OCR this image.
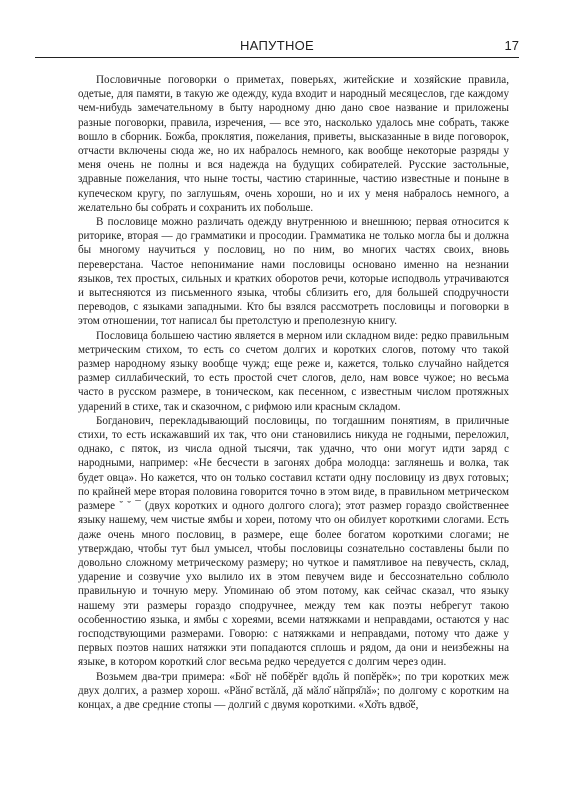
НАПУТНОЕ	17

Пословичные поговорки о приметах, поверьях, житейские и хозяйские правила, одетые, для памяти, в такую же одежду, куда входит и народный месяцеслов, где каждому чем-нибудь замечательному в быту народному дню дано свое название и приложены разные поговорки, правила, изречения, — все это, насколько удалось мне собрать, также вошло в сборник. Божба, проклятия, пожелания, приветы, высказанные в виде поговорок, отчасти включены сюда же, но их набралось немного, как вообще некоторые разряды у меня очень не полны и вся надежда на будущих собирателей. Русские застольные, здравные пожелания, что ныне тосты, частию старинные, частию известные и поныне в купеческом кругу, по заглушьям, очень хороши, но и их у меня набралось немного, а желательно бы собрать и сохранить их побольше.

В пословице можно различать одежду внутреннюю и внешнюю; первая относится к риторике, вторая — до грамматики и просодии. Грамматика не только могла бы и должна бы многому научиться у пословиц, но по ним, во многих частях своих, вновь переверстана. Частое непонимание нами пословицы основано именно на незнании языков, тех простых, сильных и кратких оборотов речи, которые исподволь утрачиваются и вытесняются из письменного языка, чтобы сблизить его, для большей сподручности переводов, с языками западными. Кто бы взялся рассмотреть пословицы и поговорки в этом отношении, тот написал бы претолстую и прeполезную книгу.

Пословица большею частию является в мерном или складном виде: редко правильным метрическим стихом, то есть со счетом долгих и коротких слогов, потому что такой размер народному языку вообще чужд; еще реже и, кажется, только случайно найдется размер силлабический, то есть простой счет слогов, дело, нам вовсе чужое; но весьма часто в русском размере, в тоническом, как песенном, с известным числом протяжных ударений в стихе, так и сказочном, с рифмою или красным складом.

Богданович, перекладывающий пословицы, по тогдашним понятиям, в приличные стихи, то есть искажавший их так, что они становились никуда не годными, переложил, однако, с пяток, из числа одной тысячи, так удачно, что они могут идти заряд с народными, например: «Не бесчести в загонях добра молодца: заглянешь и волка, так будет овца». Но кажется, что он только составил кстати одну пословицу из двух готовых; по крайней мере вторая половина говорится точно в этом виде, в правильном метрическом размере ˘ ˘ ¯ (двух коротких и одного долгого слога); этот размер гораздо свойственнее языку нашему, чем чистые ямбы и хореи, потому что он обилует короткими слогами. Есть даже очень много пословиц, в размере, еще более богатом короткими слогами; не утверждаю, чтобы тут был умысел, чтобы пословицы сознательно составлены были по довольно сложному метрическому размеру; но чуткое и памятливое на певучесть, склад, ударение и созвучие ухо вылило их в этом певучем виде и бессознательно соблюло правильную и точную меру. Упоминаю об этом потому, как сейчас сказал, что языку нашему эти размеры гораздо сподручнее, между тем как поэты небрегут такою особенностию языка, и ямбы с хореями, всеми натяжками и неправдами, остаются у нас господствующими размерами. Говорю: с натяжками и неправдами, потому что даже у первых поэтов наших натяжки эти попадаются сплошь и рядом, да они и неизбежны на языке, в котором короткий слог весьма редко чередуется с долгим через один.

Возьмем два-три примера: «Бо̆г нӗ побӗрӗг вдо̆ль й попӗрӗк»; по три коротких меж двух долгих, а размер хорош. «Рӑно̆ встӑлӑ, дӑ мӑло̆ нӑпря̆лӑ»; по долгому с коротким на концах, а две средние стопы — долгий с двумя короткими. «Хо̆ть вдво̆ӗ,
